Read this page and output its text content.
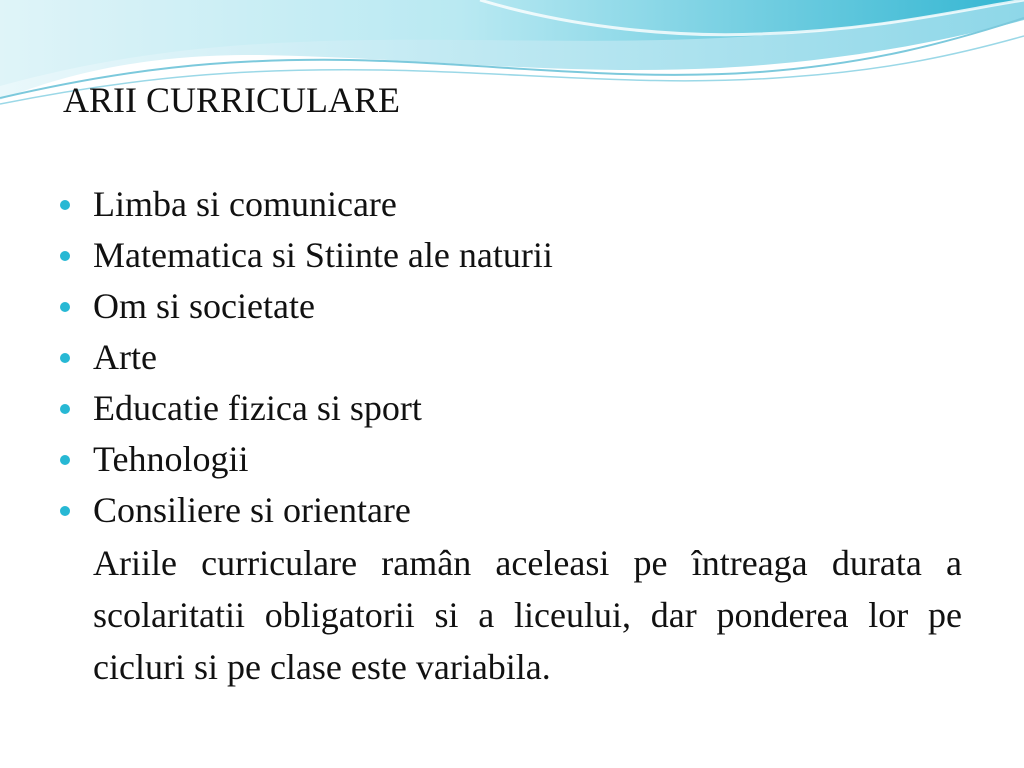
ARII CURRICULARE
Limba si comunicare
Matematica si Stiinte ale naturii
Om si societate
Arte
Educatie fizica si sport
Tehnologii
Consiliere si orientare

Ariile curriculare ramân aceleasi pe întreaga durata a scolaritatii obligatorii si a liceului, dar ponderea lor pe cicluri si pe clase este variabila.
